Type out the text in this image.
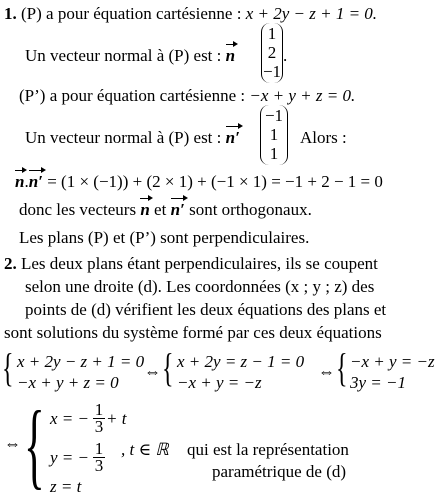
1. (P) a pour équation cartésienne : x + 2y − z + 1 = 0.
Un vecteur normal à (P) est : n
1
2
−1
.
(P’) a pour équation cartésienne : −x + y + z = 0.
Un vecteur normal à (P) est : n′
−1
1
1
Alors :
n.n′ = (1 × (−1)) + (2 × 1) + (−1 × 1) = −1 + 2 − 1 = 0
donc les vecteurs n et n′ sont orthogonaux.
Les plans (P) et (P’) sont perpendiculaires.
2. Les deux plans étant perpendiculaires, ils se coupent
selon une droite (d). Les coordonnées (x ; y ; z) des
points de (d) vérifient les deux équations des plans et
sont solutions du système formé par ces deux équations
{ x + 2y − z + 1 = 0
−x + y + z = 0
⇔ { x + 2y = z − 1 = 0
−x + y = −z
⇔ { −x + y = −z
3y = −1
⇔ { x = − $\frac{1}{3} + t$
y = − $\frac{1}{3}$
z = t
, t ∈ ℝ qui est la représentation
paramétrique de (d)
